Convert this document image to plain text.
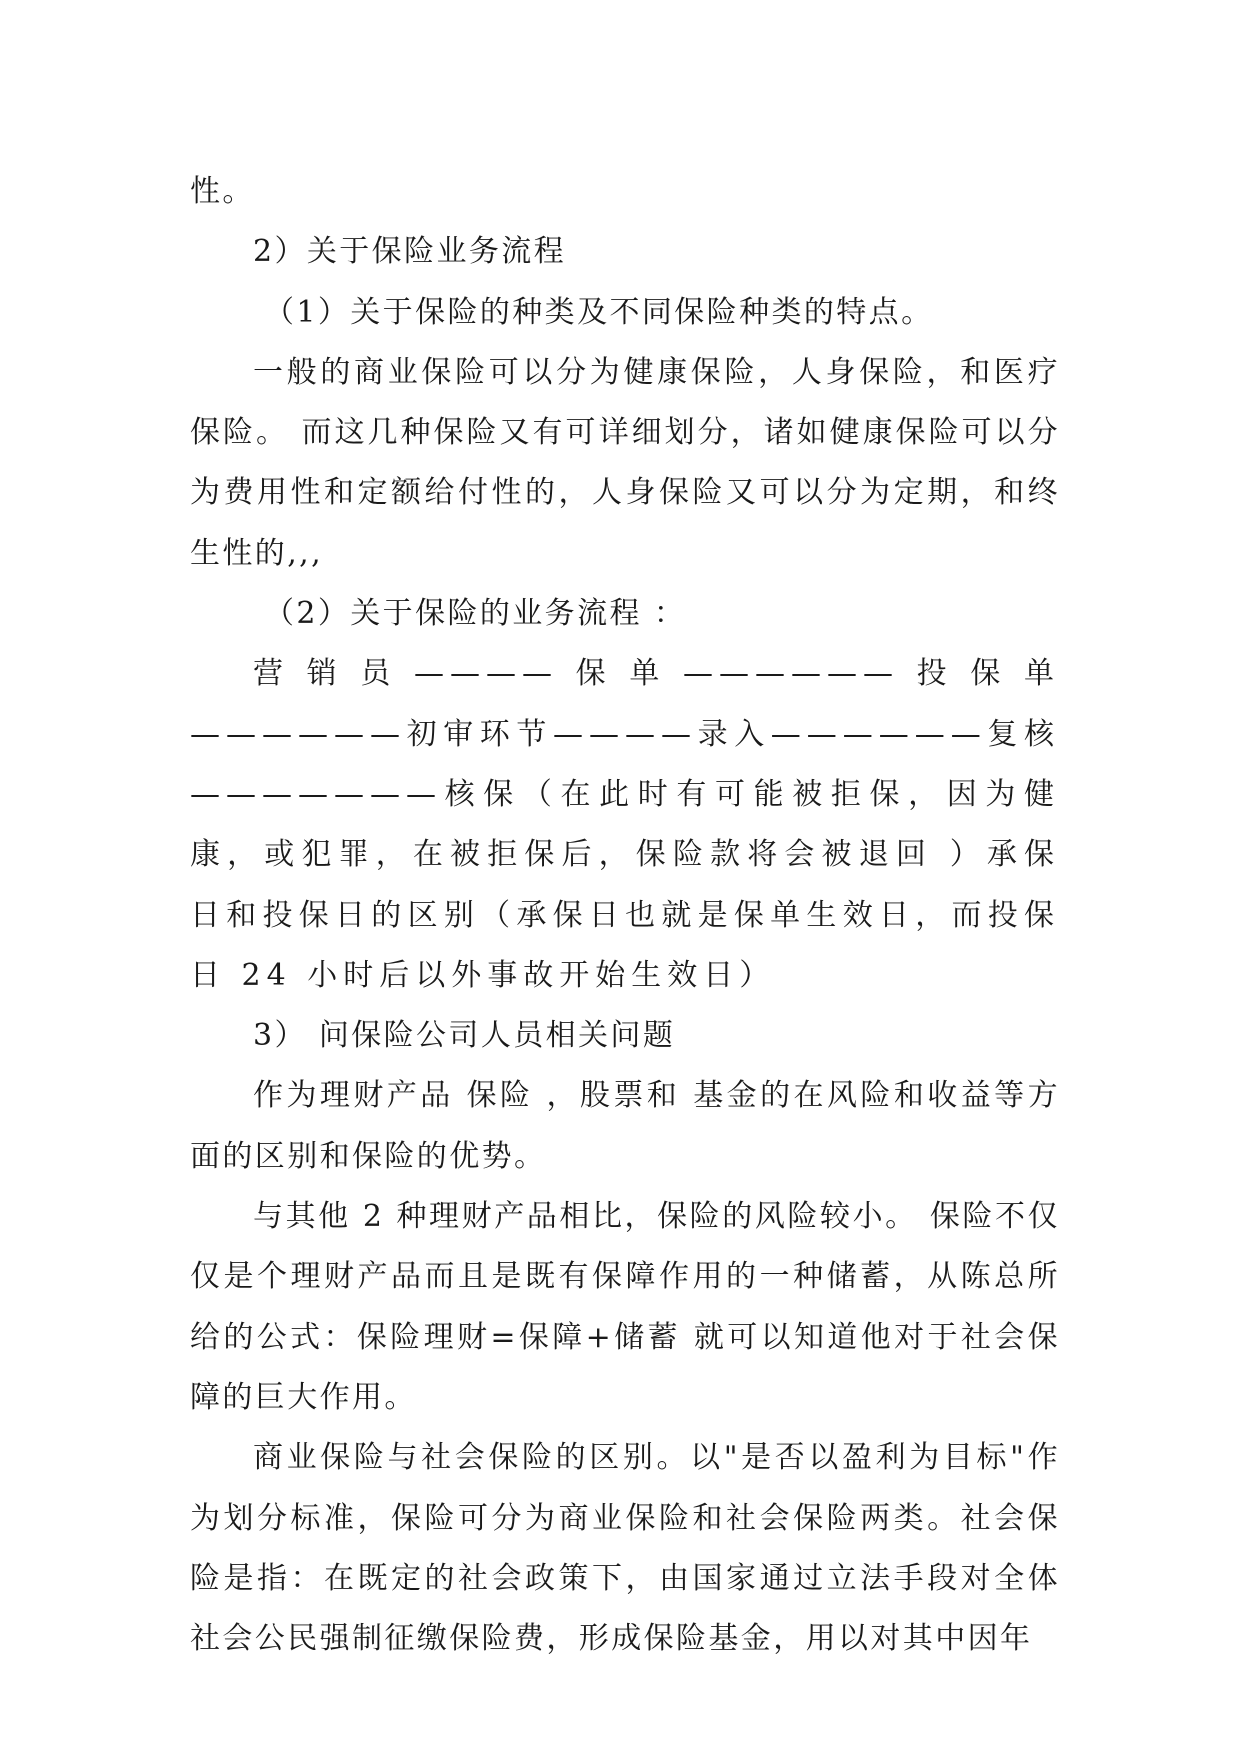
性。

2）关于保险业务流程

（1）关于保险的种类及不同保险种类的特点。

一般的商业保险可以分为健康保险，人身保险，和医疗保险。 而这几种保险又有可详细划分，诸如健康保险可以分为费用性和定额给付性的，人身保险又可以分为定期，和终生性的,,,

（2）关于保险的业务流程 ：

营销员————保单——————投保单——————初审环节————录入——————复核———————核保（在此时有可能被拒保，因为健康，或犯罪，在被拒保后，保险款将会被退回 ）承保日和投保日的区别（承保日也就是保单生效日，而投保日 24 小时后以外事故开始生效日）

3） 问保险公司人员相关问题

作为理财产品 保险 ，股票和 基金的在风险和收益等方面的区别和保险的优势。

与其他 2 种理财产品相比，保险的风险较小。 保险不仅仅是个理财产品而且是既有保障作用的一种储蓄，从陈总所给的公式：保险理财=保障+储蓄 就可以知道他对于社会保障的巨大作用。

商业保险与社会保险的区别。以"是否以盈利为目标"作为划分标准，保险可分为商业保险和社会保险两类。社会保险是指：在既定的社会政策下，由国家通过立法手段对全体社会公民强制征缴保险费，形成保险基金，用以对其中因年
